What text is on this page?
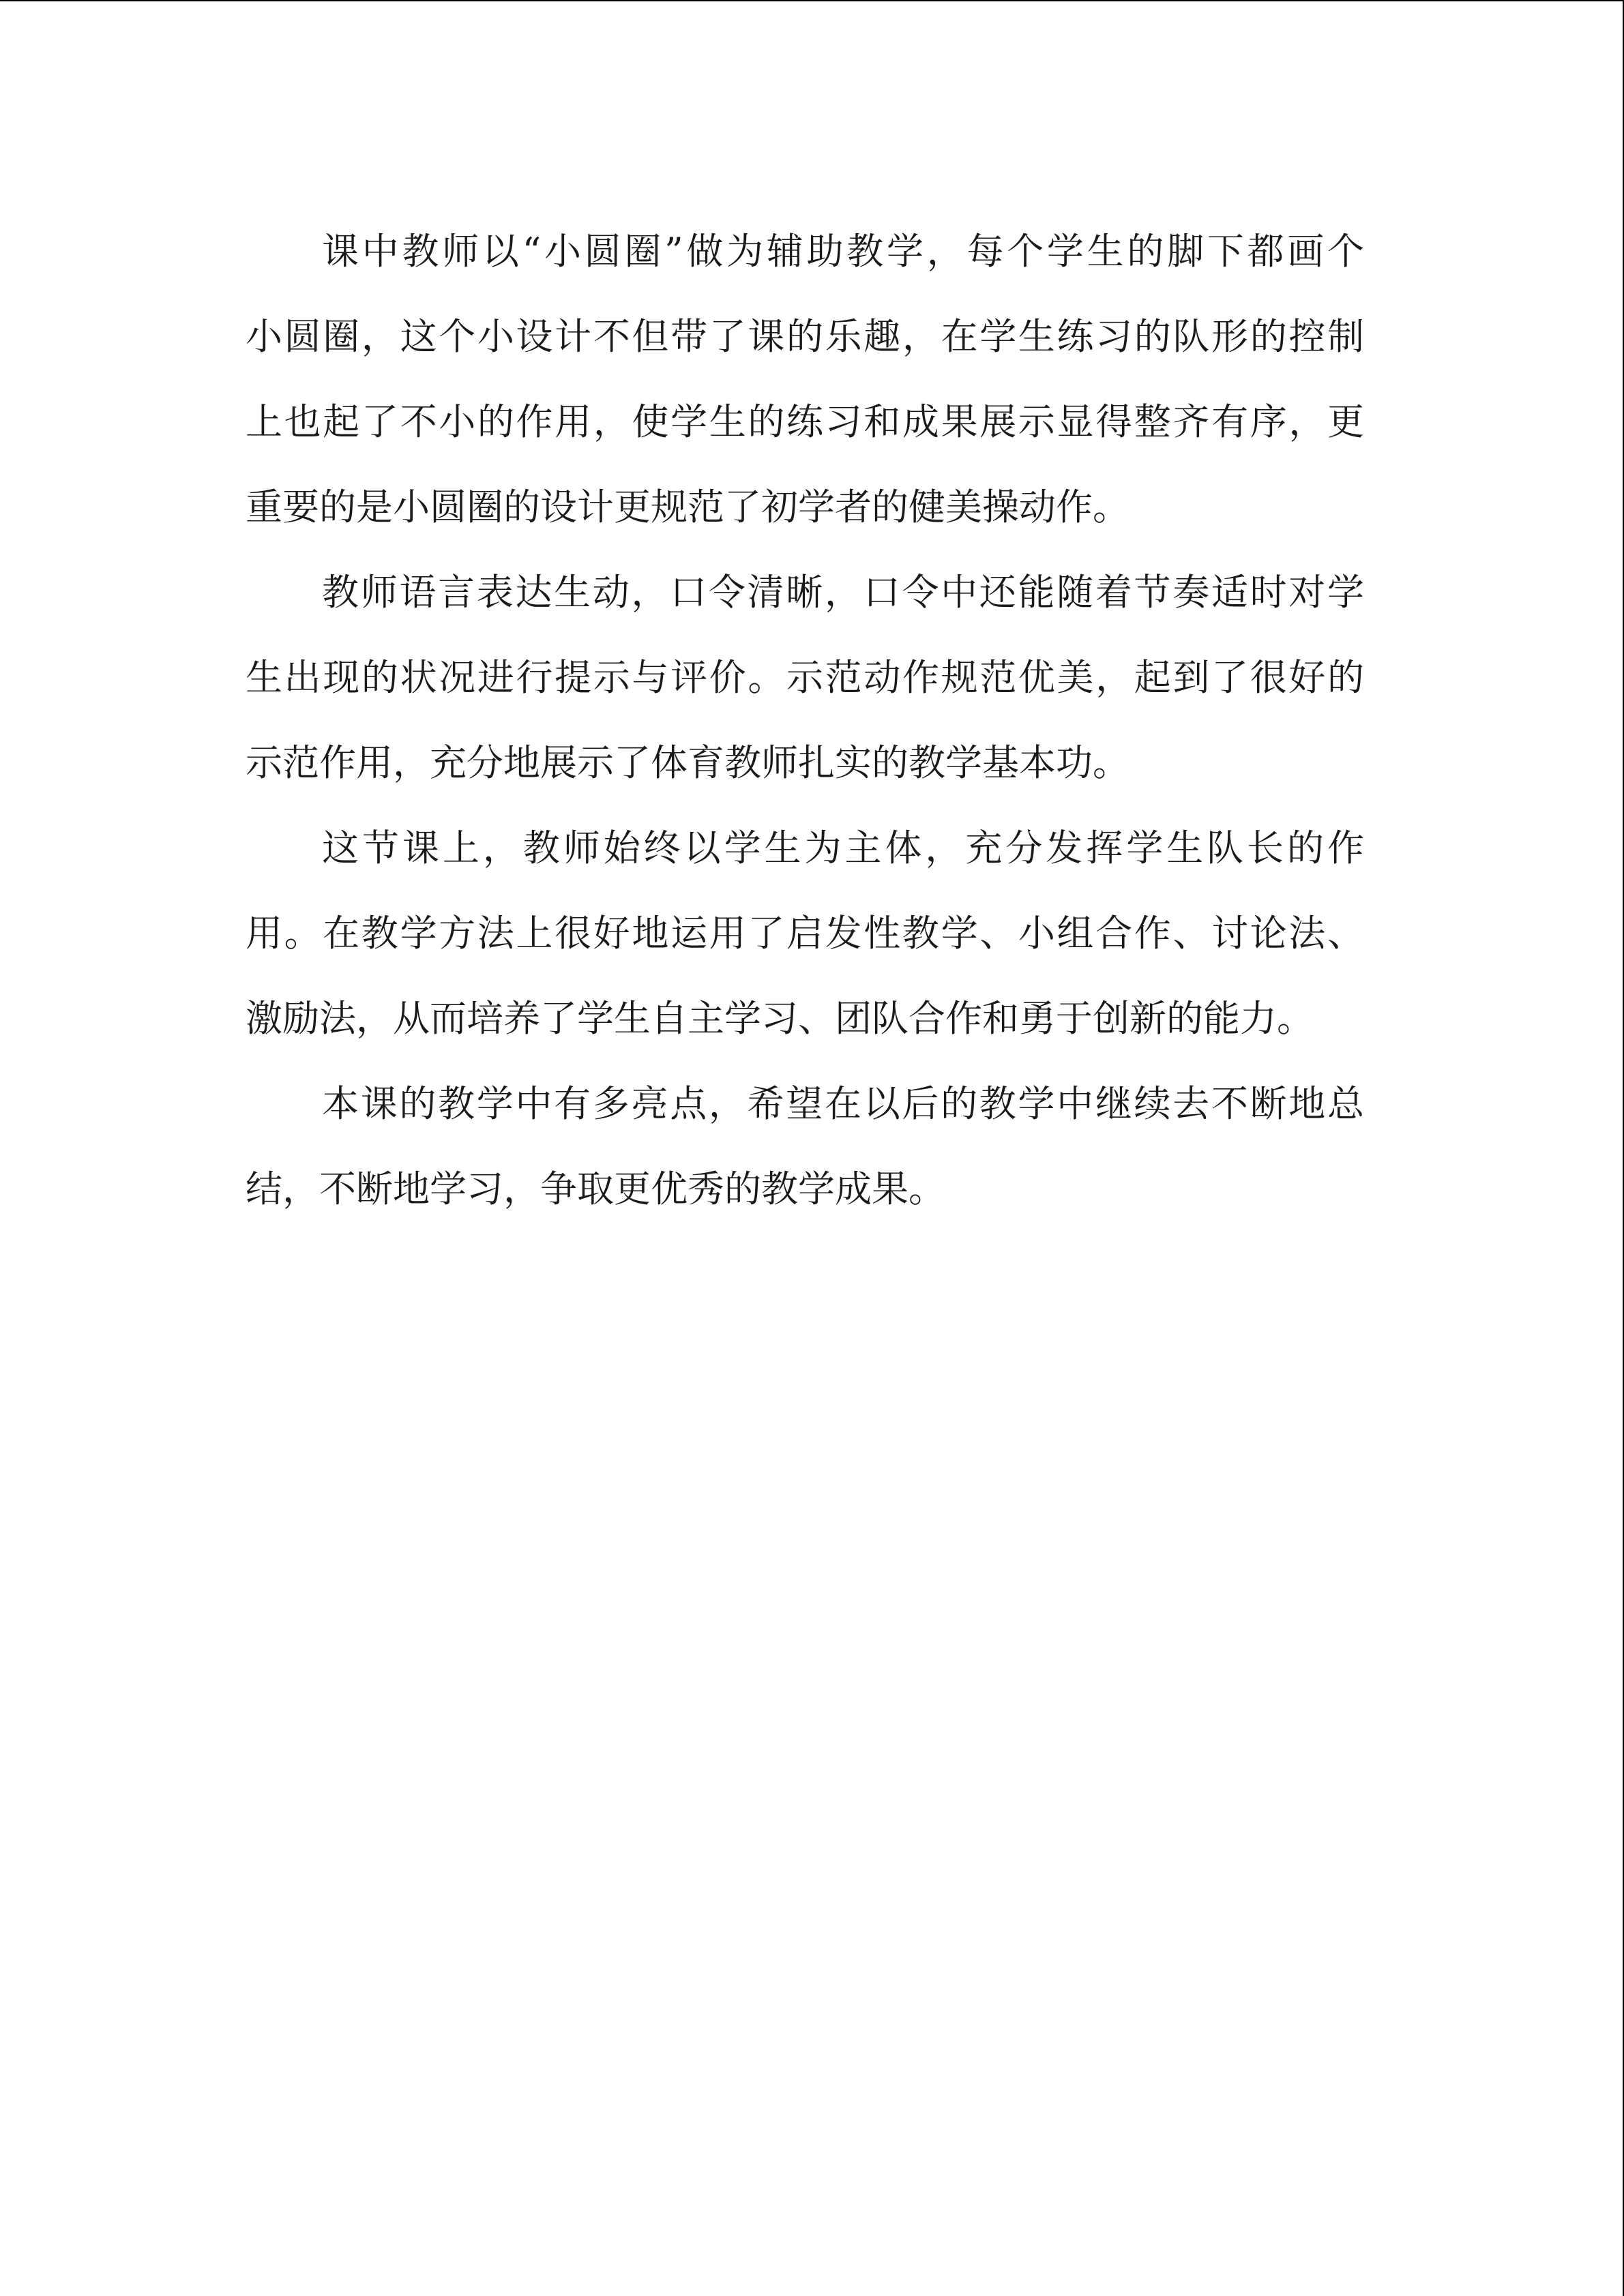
课中教师以“小圆圈”做为辅助教学，每个学生的脚下都画个
小圆圈，这个小设计不但带了课的乐趣，在学生练习的队形的控制
上也起了不小的作用，使学生的练习和成果展示显得整齐有序，更
重要的是小圆圈的设计更规范了初学者的健美操动作。
教师语言表达生动，口令清晰，口令中还能随着节奏适时对学
生出现的状况进行提示与评价。示范动作规范优美，起到了很好的
示范作用，充分地展示了体育教师扎实的教学基本功。
这节课上，教师始终以学生为主体，充分发挥学生队长的作
用。在教学方法上很好地运用了启发性教学、小组合作、讨论法、
激励法，从而培养了学生自主学习、团队合作和勇于创新的能力。
本课的教学中有多亮点，希望在以后的教学中继续去不断地总
结，不断地学习，争取更优秀的教学成果。
